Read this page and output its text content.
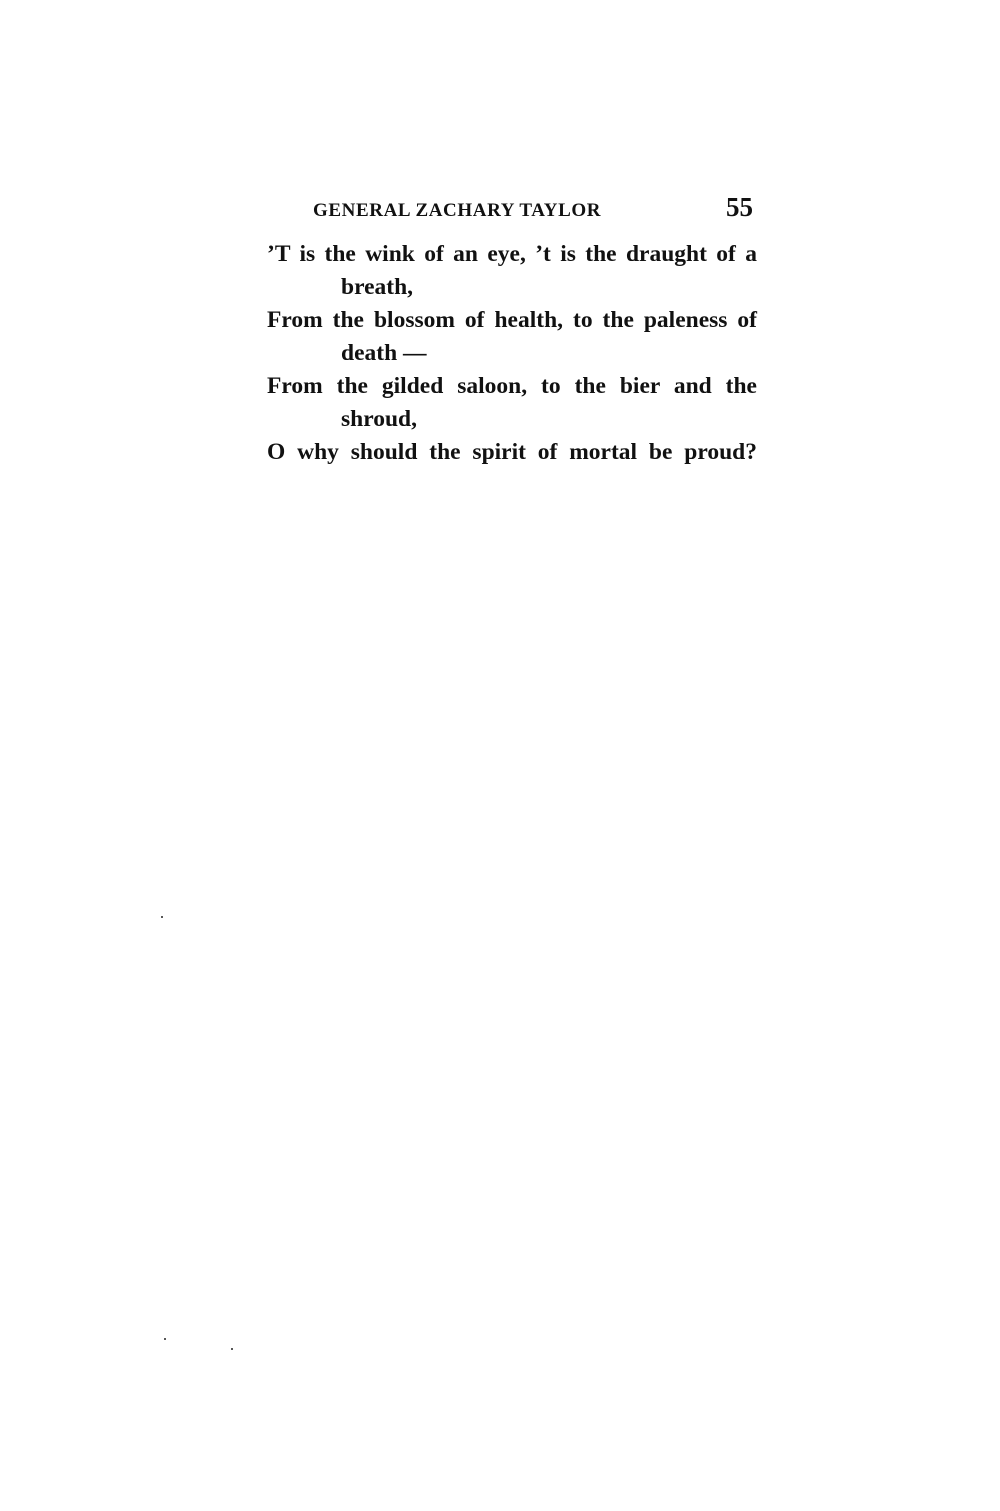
GENERAL ZACHARY TAYLOR	55
’T is the wink of an eye, ’t is the draught of a
breath,
From the blossom of health, to the paleness of
death —
From the gilded saloon, to the bier and the
shroud,
O why should the spirit of mortal be proud?
